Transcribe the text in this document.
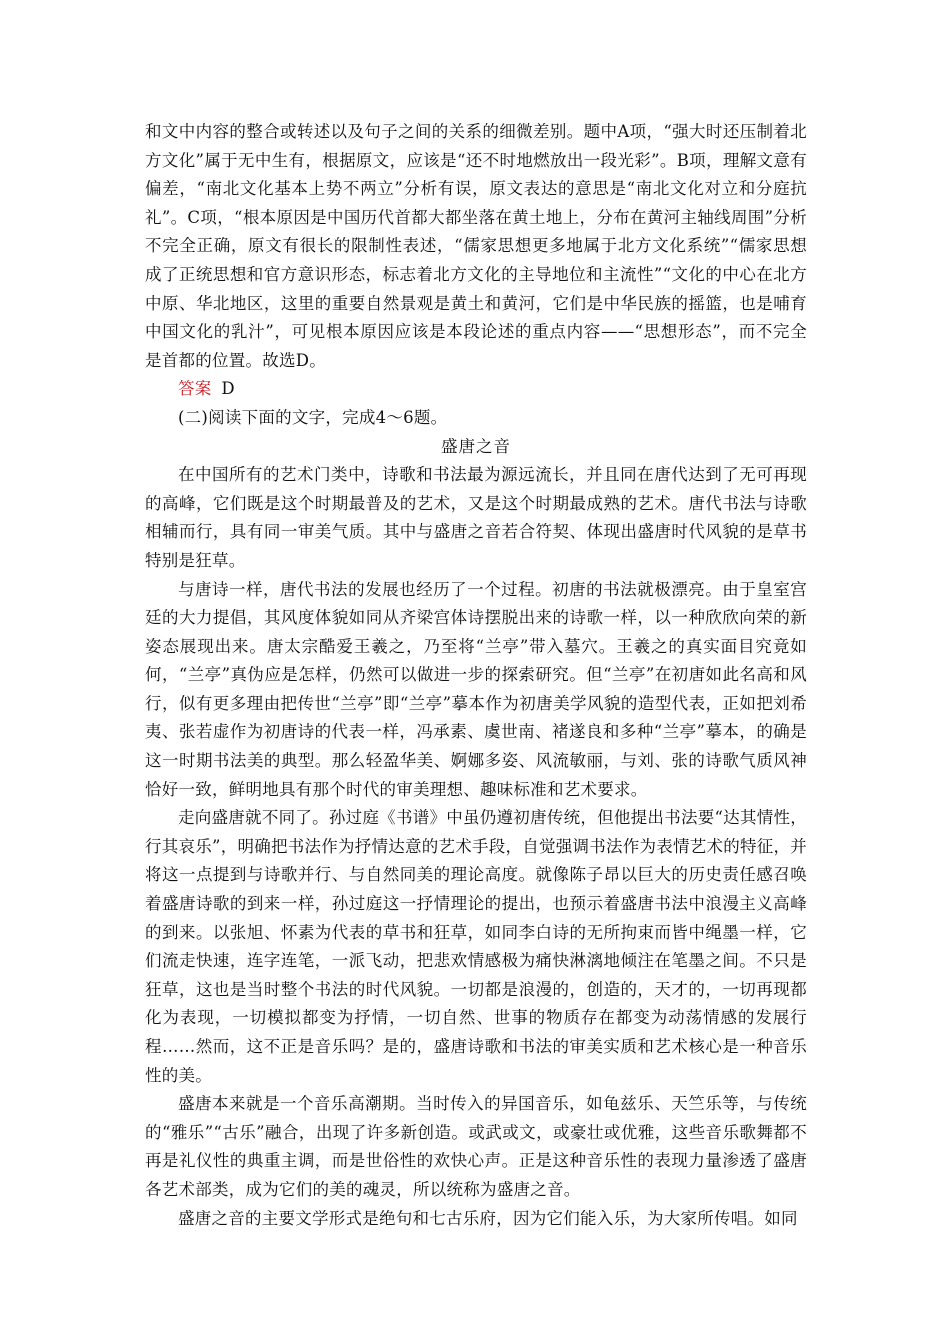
和文中内容的整合或转述以及句子之间的关系的细微差别。题中A项，“强大时还压制着北方文化”属于无中生有，根据原文，应该是“还不时地燃放出一段光彩”。B项，理解文意有偏差，“南北文化基本上势不两立”分析有误，原文表达的意思是“南北文化对立和分庭抗礼”。C项，“根本原因是中国历代首都大都坐落在黄土地上，分布在黄河主轴线周围”分析不完全正确，原文有很长的限制性表述，“儒家思想更多地属于北方文化系统”“儒家思想成了正统思想和官方意识形态，标志着北方文化的主导地位和主流性”“文化的中心在北方中原、华北地区，这里的重要自然景观是黄土和黄河，它们是中华民族的摇篮，也是哺育中国文化的乳汁”，可见根本原因应该是本段论述的重点内容——“思想形态”，而不完全是首都的位置。故选D。

答案 D

(二)阅读下面的文字，完成4～6题。

盛唐之音

在中国所有的艺术门类中，诗歌和书法最为源远流长，并且同在唐代达到了无可再现的高峰，它们既是这个时期最普及的艺术，又是这个时期最成熟的艺术。唐代书法与诗歌相辅而行，具有同一审美气质。其中与盛唐之音若合符契、体现出盛唐时代风貌的是草书特别是狂草。

与唐诗一样，唐代书法的发展也经历了一个过程。初唐的书法就极漂亮。由于皇室宫廷的大力提倡，其风度体貌如同从齐梁宫体诗摆脱出来的诗歌一样，以一种欣欣向荣的新姿态展现出来。唐太宗酷爱王羲之，乃至将“兰亭”带入墓穴。王羲之的真实面目究竟如何，“兰亭”真伪应是怎样，仍然可以做进一步的探索研究。但“兰亭”在初唐如此名高和风行，似有更多理由把传世“兰亭”即“兰亭”摹本作为初唐美学风貌的造型代表，正如把刘希夷、张若虚作为初唐诗的代表一样，冯承素、虞世南、褚遂良和多种“兰亭”摹本，的确是这一时期书法美的典型。那么轻盈华美、婀娜多姿、风流敏丽，与刘、张的诗歌气质风神恰好一致，鲜明地具有那个时代的审美理想、趣味标准和艺术要求。

走向盛唐就不同了。孙过庭《书谱》中虽仍遵初唐传统，但他提出书法要“达其情性，行其哀乐”，明确把书法作为抒情达意的艺术手段，自觉强调书法作为表情艺术的特征，并将这一点提到与诗歌并行、与自然同美的理论高度。就像陈子昂以巨大的历史责任感召唤着盛唐诗歌的到来一样，孙过庭这一抒情理论的提出，也预示着盛唐书法中浪漫主义高峰的到来。以张旭、怀素为代表的草书和狂草，如同李白诗的无所拘束而皆中绳墨一样，它们流走快速，连字连笔，一派飞动，把悲欢情感极为痛快淋漓地倾注在笔墨之间。不只是狂草，这也是当时整个书法的时代风貌。一切都是浪漫的，创造的，天才的，一切再现都化为表现，一切模拟都变为抒情，一切自然、世事的物质存在都变为动荡情感的发展行程……然而，这不正是音乐吗？是的，盛唐诗歌和书法的审美实质和艺术核心是一种音乐性的美。

盛唐本来就是一个音乐高潮期。当时传入的异国音乐，如龟兹乐、天竺乐等，与传统的“雅乐”“古乐”融合，出现了许多新创造。或武或文，或豪壮或优雅，这些音乐歌舞都不再是礼仪性的典重主调，而是世俗性的欢快心声。正是这种音乐性的表现力量渗透了盛唐各艺术部类，成为它们的美的魂灵，所以统称为盛唐之音。

盛唐之音的主要文学形式是绝句和七古乐府，因为它们能入乐，为大家所传唱。如同
